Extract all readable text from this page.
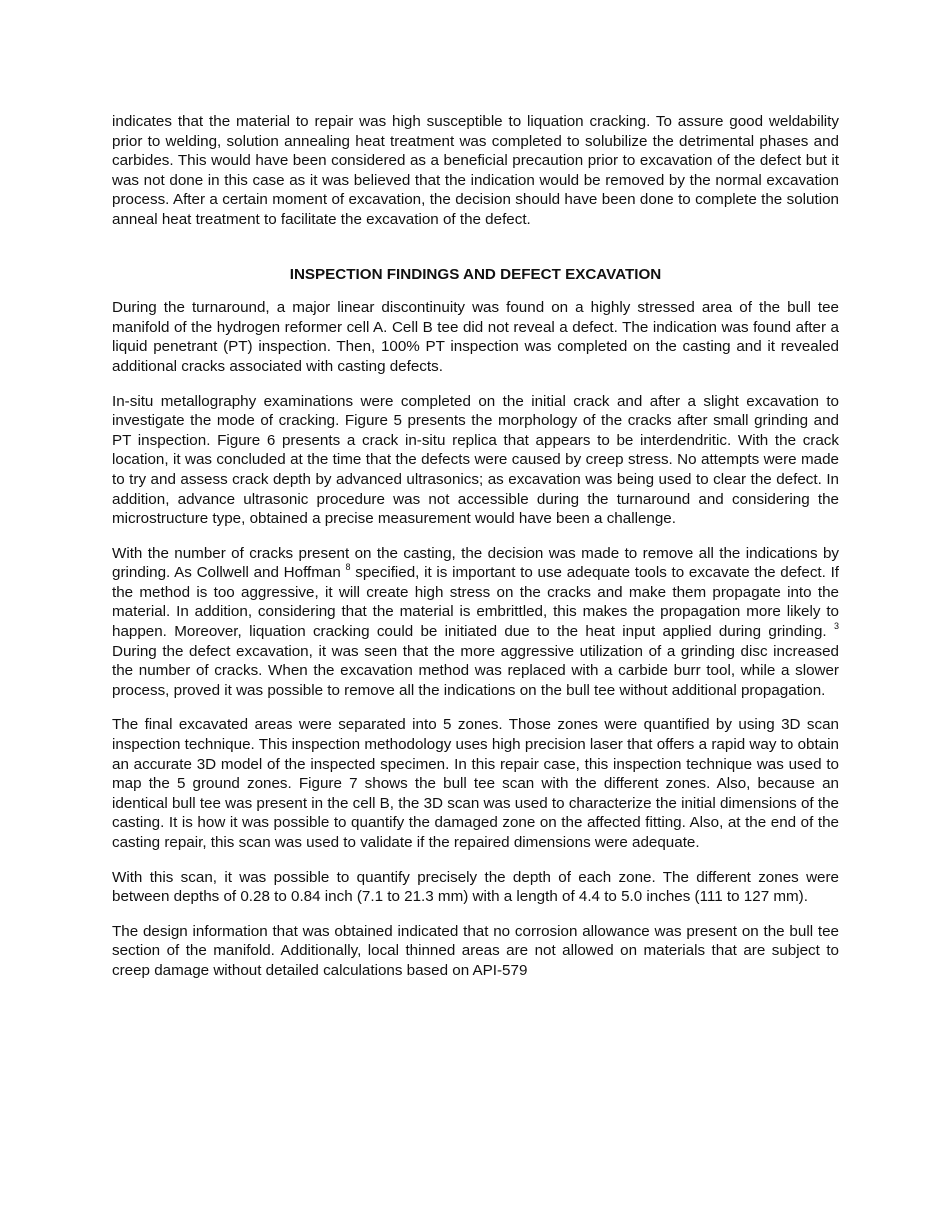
indicates that the material to repair was high susceptible to liquation cracking. To assure good weldability prior to welding, solution annealing heat treatment was completed to solubilize the detrimental phases and carbides. This would have been considered as a beneficial precaution prior to excavation of the defect but it was not done in this case as it was believed that the indication would be removed by the normal excavation process. After a certain moment of excavation, the decision should have been done to complete the solution anneal heat treatment to facilitate the excavation of the defect.

INSPECTION FINDINGS AND DEFECT EXCAVATION

During the turnaround, a major linear discontinuity was found on a highly stressed area of the bull tee manifold of the hydrogen reformer cell A. Cell B tee did not reveal a defect. The indication was found after a liquid penetrant (PT) inspection. Then, 100% PT inspection was completed on the casting and it revealed additional cracks associated with casting defects.

In-situ metallography examinations were completed on the initial crack and after a slight excavation to investigate the mode of cracking. Figure 5 presents the morphology of the cracks after small grinding and PT inspection. Figure 6 presents a crack in-situ replica that appears to be interdendritic. With the crack location, it was concluded at the time that the defects were caused by creep stress. No attempts were made to try and assess crack depth by advanced ultrasonics; as excavation was being used to clear the defect. In addition, advance ultrasonic procedure was not accessible during the turnaround and considering the microstructure type, obtained a precise measurement would have been a challenge.

With the number of cracks present on the casting, the decision was made to remove all the indications by grinding. As Collwell and Hoffman $^8$ specified, it is important to use adequate tools to excavate the defect. If the method is too aggressive, it will create high stress on the cracks and make them propagate into the material. In addition, considering that the material is embrittled, this makes the propagation more likely to happen. Moreover, liquation cracking could be initiated due to the heat input applied during grinding. $^3$ During the defect excavation, it was seen that the more aggressive utilization of a grinding disc increased the number of cracks. When the excavation method was replaced with a carbide burr tool, while a slower process, proved it was possible to remove all the indications on the bull tee without additional propagation.

The final excavated areas were separated into 5 zones. Those zones were quantified by using 3D scan inspection technique. This inspection methodology uses high precision laser that offers a rapid way to obtain an accurate 3D model of the inspected specimen. In this repair case, this inspection technique was used to map the 5 ground zones. Figure 7 shows the bull tee scan with the different zones. Also, because an identical bull tee was present in the cell B, the 3D scan was used to characterize the initial dimensions of the casting. It is how it was possible to quantify the damaged zone on the affected fitting. Also, at the end of the casting repair, this scan was used to validate if the repaired dimensions were adequate.

With this scan, it was possible to quantify precisely the depth of each zone. The different zones were between depths of 0.28 to 0.84 inch (7.1 to 21.3 mm) with a length of 4.4 to 5.0 inches (111 to 127 mm).

The design information that was obtained indicated that no corrosion allowance was present on the bull tee section of the manifold. Additionally, local thinned areas are not allowed on materials that are subject to creep damage without detailed calculations based on API-579
